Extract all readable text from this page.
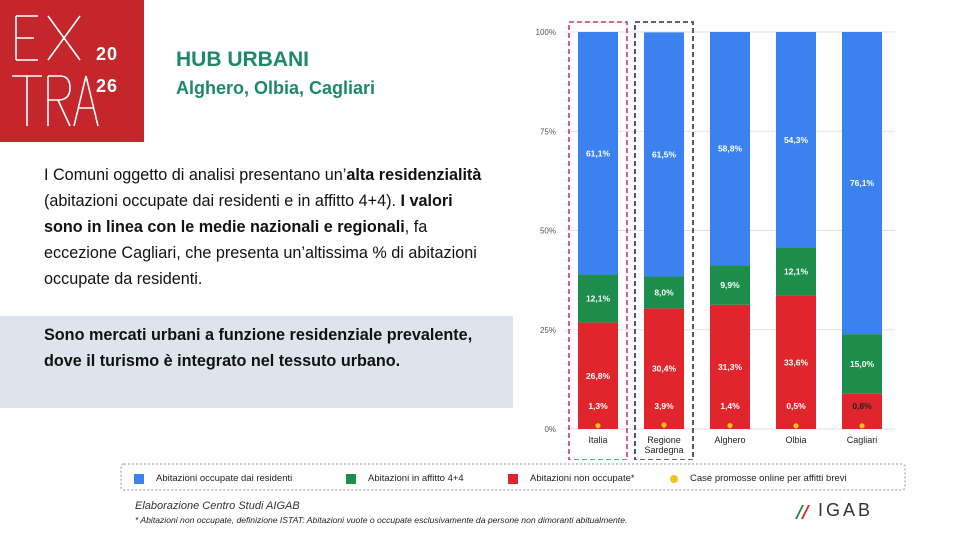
20
26
HUB URBANI
Alghero, Olbia, Cagliari
I Comuni oggetto di analisi presentano un’alta residenzialità (abitazioni occupate dai residenti e in affitto 4+4). I valori sono in linea con le medie nazionali e regionali, fa eccezione Cagliari, che presenta un’altissima % di abitazioni occupate da residenti.
Sono mercati urbani a funzione residenziale prevalente, dove il turismo è integrato nel tessuto urbano.
0%
25%
50%
75%
100%
26,8%
12,1%
61,1%
1,3%
Italia
30,4%
8,0%
61,5%
3,9%
Regione
Sardegna
31,3%
9,9%
58,8%
1,4%
Alghero
33,6%
12,1%
54,3%
0,5%
Olbia
15,0%
76,1%
0,8%
Cagliari
Abitazioni occupate dai residenti	Abitazioni in affitto 4+4	Abitazioni non occupate*	Case promosse online per affitti brevi
Elaborazione Centro Studi AIGAB
* Abitazioni non occupate, definizione ISTAT: Abitazioni vuote o occupate esclusivamente da persone non dimoranti abitualmente.	IGAB
